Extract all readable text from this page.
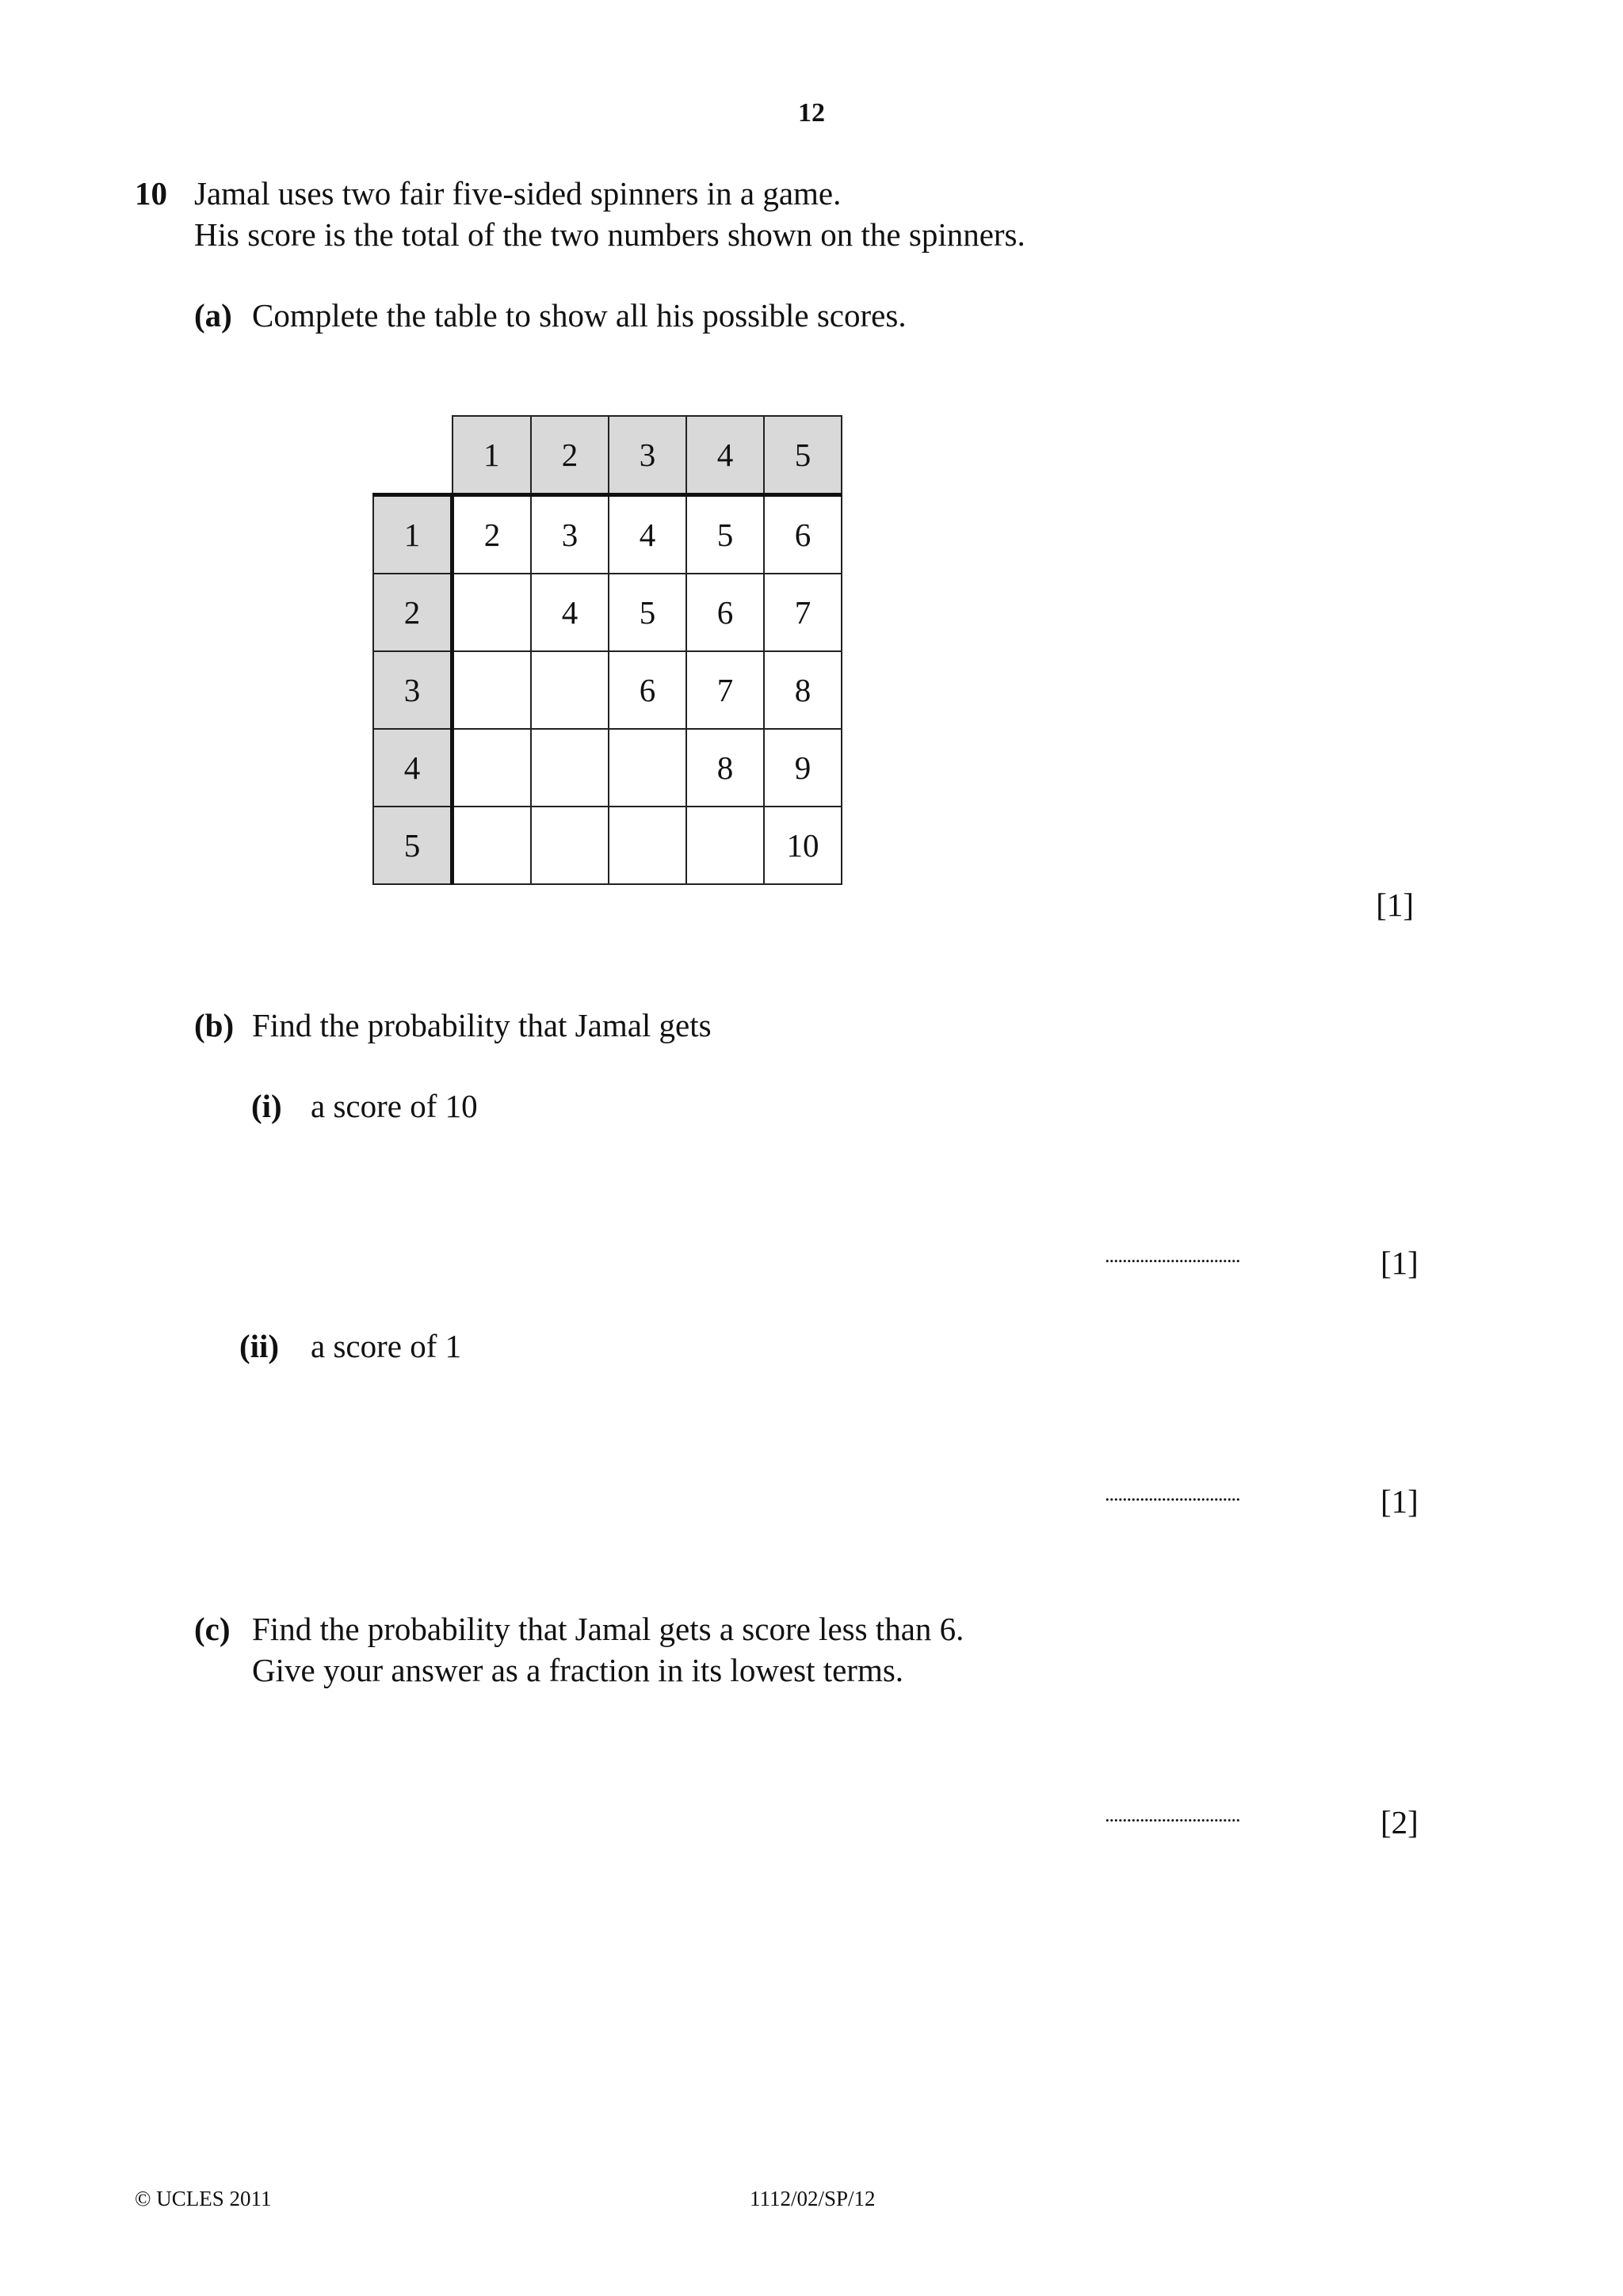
12
10 Jamal uses two fair five-sided spinners in a game.
His score is the total of the two numbers shown on the spinners.
(a) Complete the table to show all his possible scores.
	1	2	3	4	5
1	2	3	4	5	6
2		4	5	6	7
3			6	7	8
4				8	9
5					10
[1]
(b) Find the probability that Jamal gets
(i) a score of 10
...............................	[1]
(ii) a score of 1
...............................	[1]
(c) Find the probability that Jamal gets a score less than 6.
Give your answer as a fraction in its lowest terms.
...............................	[2]
© UCLES 2011	1112/02/SP/12
